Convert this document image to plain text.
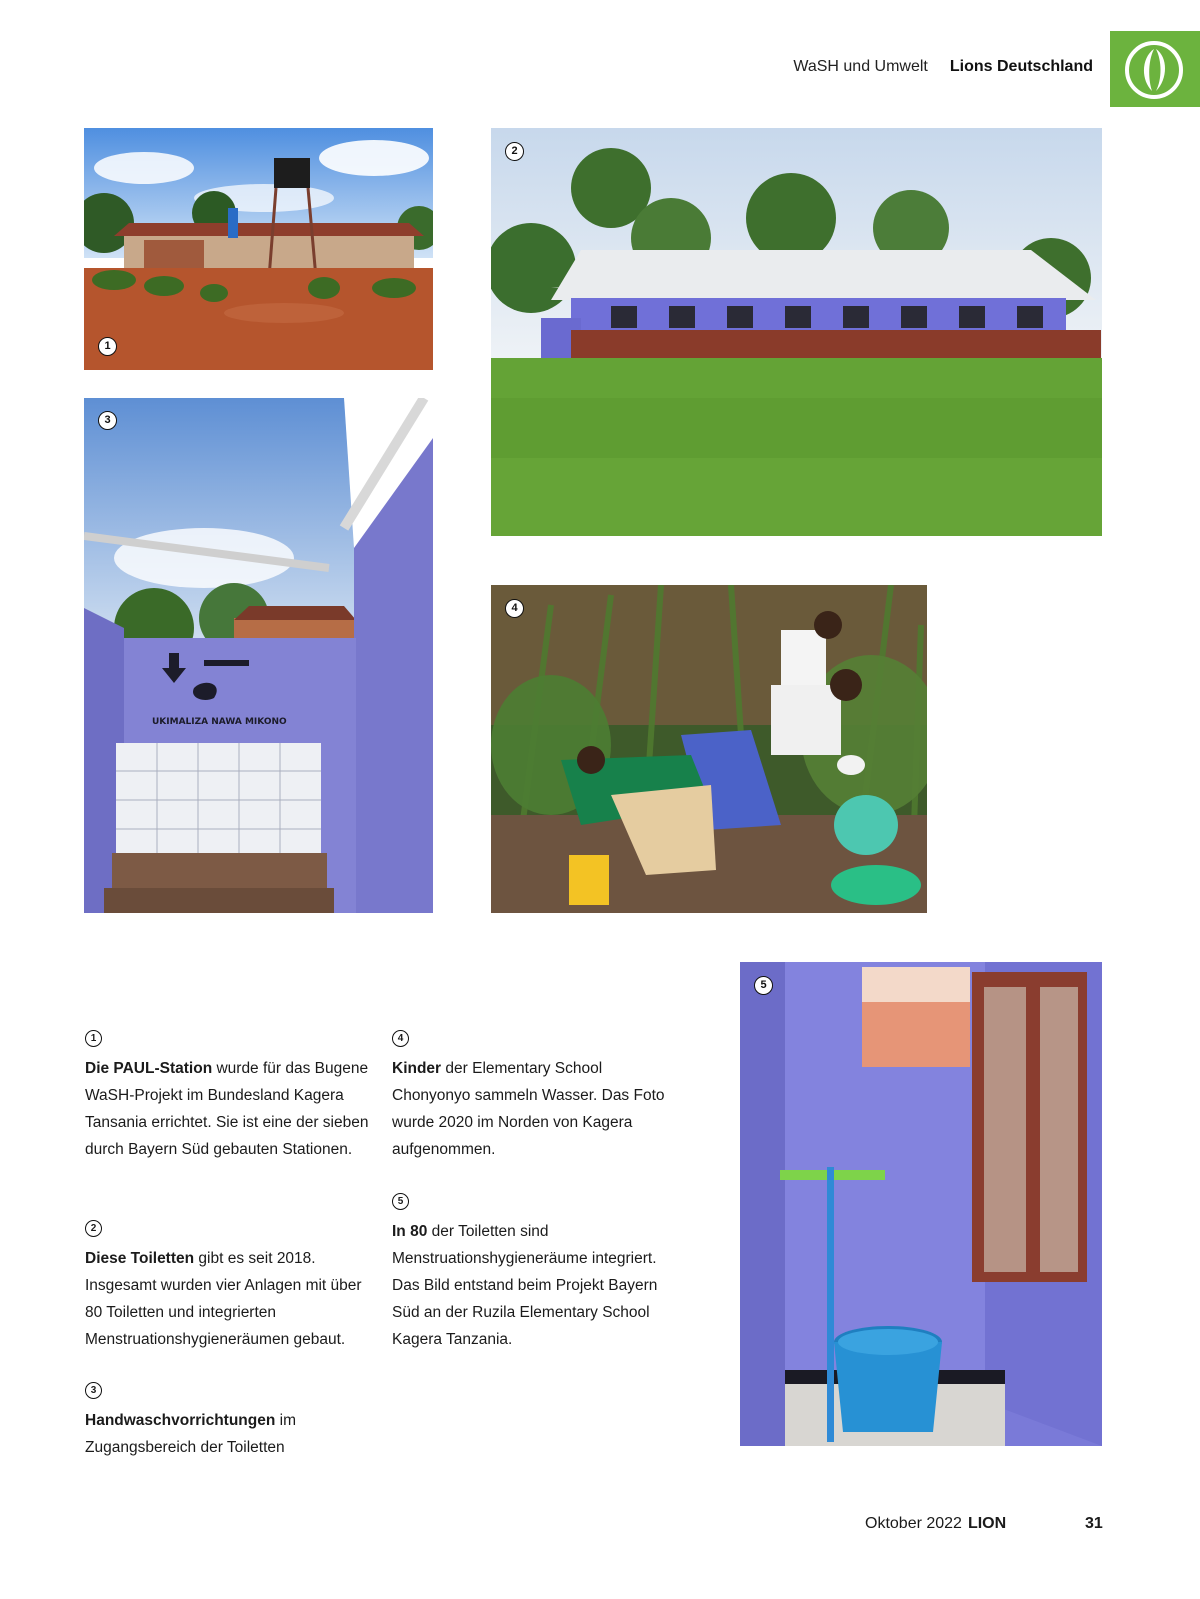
WaSH und Umwelt Lions Deutschland
1
2
UKIMALIZA NAWA MIKONO
3
4
5
1
Die PAUL-Station wurde für das Bugene WaSH-Projekt im Bundesland Kagera Tansania errichtet. Sie ist eine der sieben durch Bayern Süd gebauten Stationen.
2
Diese Toiletten gibt es seit 2018. Insgesamt wurden vier Anlagen mit über 80 Toiletten und integrierten Menstruationshygieneräumen gebaut.
3
Handwaschvorrichtungen im Zugangsbereich der Toiletten
4
Kinder der Elementary School Chonyonyo sammeln Wasser. Das Foto wurde 2020 im Norden von Kagera aufgenommen.
5
In 80 der Toiletten sind Menstruationshygieneräume integriert. Das Bild entstand beim Projekt Bayern Süd an der Ruzila Elementary School Kagera Tanzania.
Oktober 2022 LION	31
